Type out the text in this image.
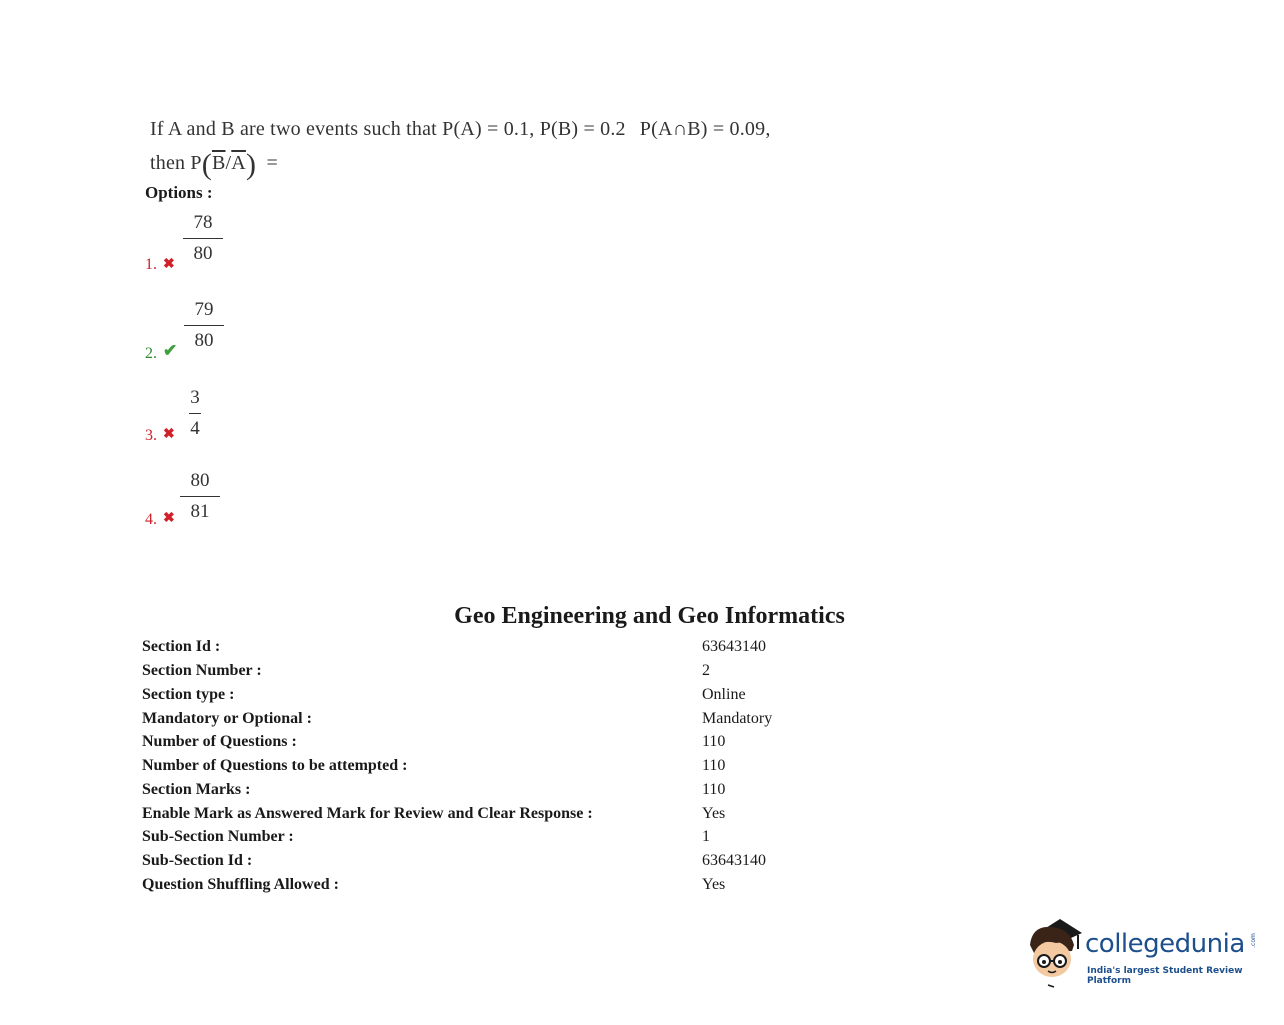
If A and B are two events such that P(A) = 0.1, P(B) = 0.2 P(A∩B) = 0.09,
then $P(\overline{B}/\overline{A})$ =
Options :
78
80
1. ✖
79
80
2. ✔
3
4
3. ✖
80
81
4. ✖
Geo Engineering and Geo Informatics
Section Id :	63643140
Section Number :	2
Section type :	Online
Mandatory or Optional :	Mandatory
Number of Questions :	110
Number of Questions to be attempted :	110
Section Marks :	110
Enable Mark as Answered Mark for Review and Clear Response :	Yes
Sub-Section Number :	1
Sub-Section Id :	63643140
Question Shuffling Allowed :	Yes
collegedunia .com
India's largest Student Review Platform
